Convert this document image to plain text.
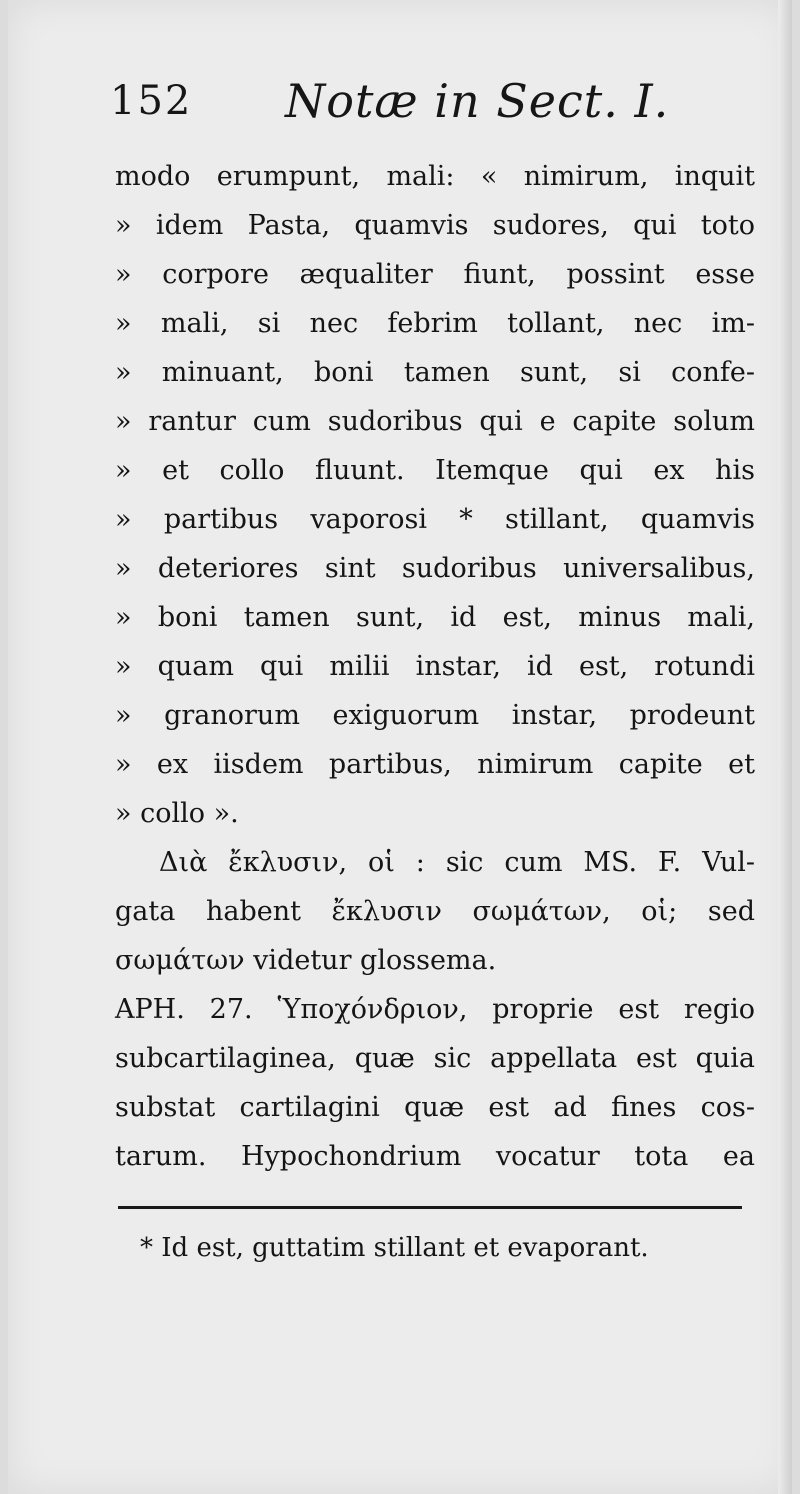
152 Notæ in Sect. I.
modo erumpunt, mali: « nimirum, inquit
» idem Pasta, quamvis sudores, qui toto
» corpore æqualiter fiunt, possint esse
» mali, si nec febrim tollant, nec im-
» minuant, boni tamen sunt, si confe-
» rantur cum sudoribus qui e capite solum
» et collo fluunt. Itemque qui ex his
» partibus vaporosi * stillant, quamvis
» deteriores sint sudoribus universalibus,
» boni tamen sunt, id est, minus mali,
» quam qui milii instar, id est, rotundi
» granorum exiguorum instar, prodeunt
» ex iisdem partibus, nimirum capite et
» collo ».
Διὰ ἔκλυσιν, οἱ : sic cum MS. F. Vul-
gata habent ἔκλυσιν σωμάτων, οἱ; sed
σωμάτων videtur glossema.
APH. 27. Ὑποχόνδριον, proprie est regio
subcartilaginea, quæ sic appellata est quia
substat cartilagini quæ est ad fines cos-
tarum. Hypochondrium vocatur tota ea
* Id est, guttatim stillant et evaporant.
